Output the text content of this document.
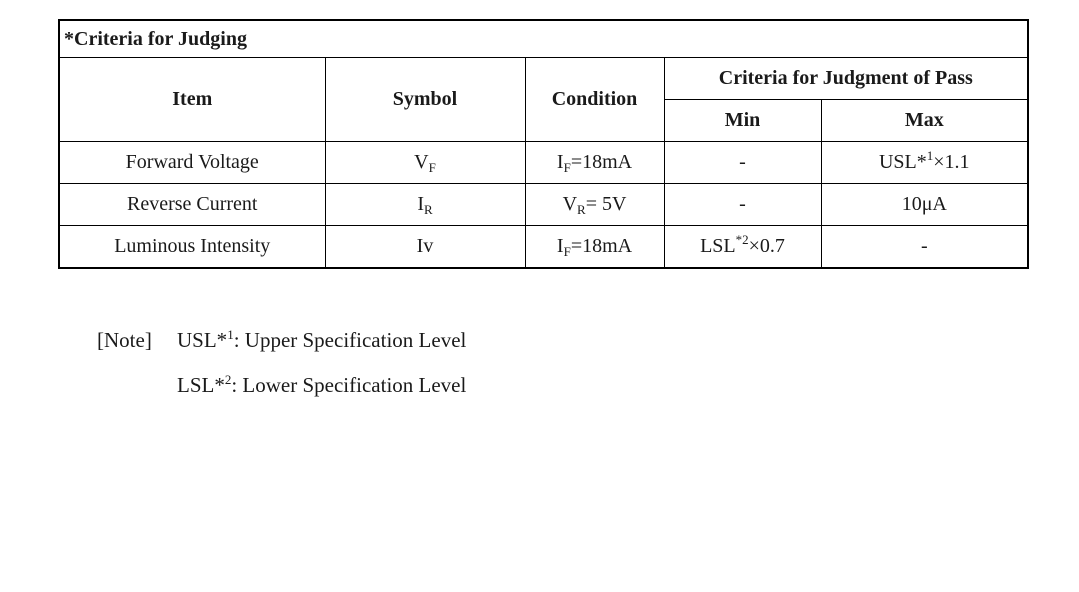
*Criteria for Judging				
Item	Symbol	Condition	Criteria for Judgment of Pass	
			Min	Max
Forward Voltage	$V_F$	$I_F=18mA$	-	USL*$^1$×1.1
Reverse Current	$I_R$	$V_R= 5V$	-	10μA
Luminous Intensity	Iv	$I_F=18mA$	$LSL^{*2}\times 0.7$	-
[Note]	USL*$^1$: Upper Specification Level
LSL*$^2$: Lower Specification Level
